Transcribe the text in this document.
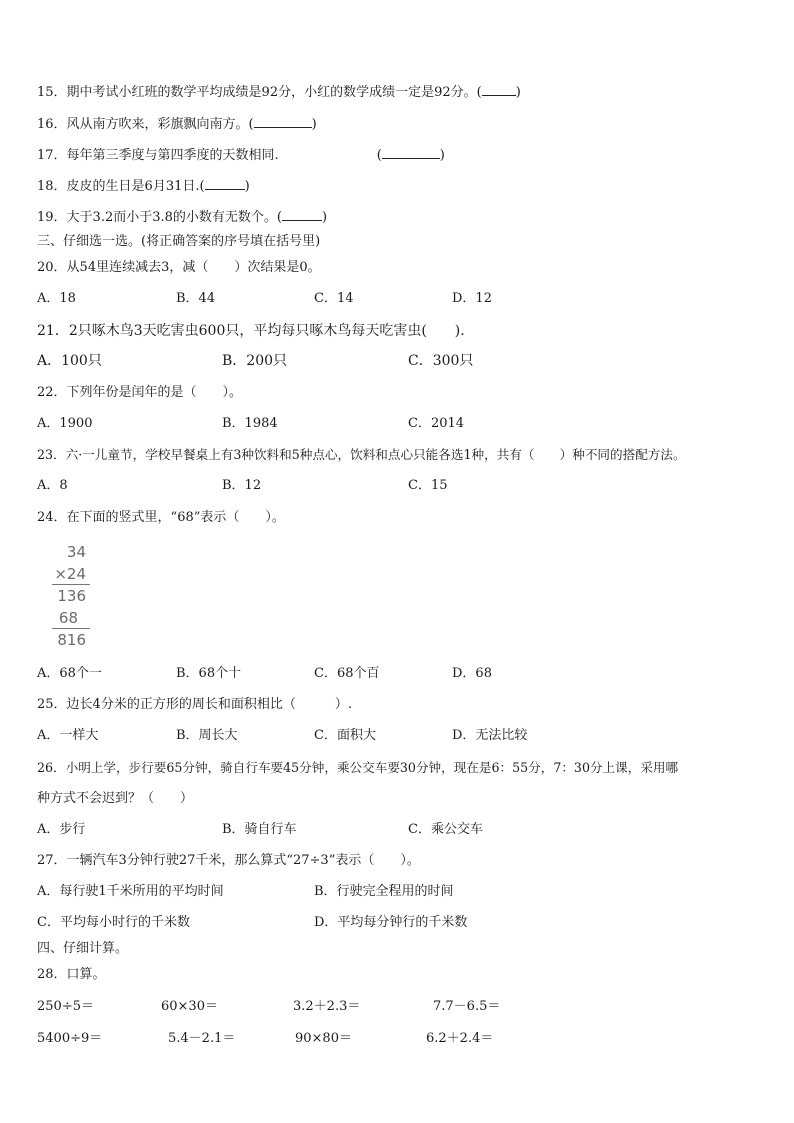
15．期中考试小红班的数学平均成绩是92分，小红的数学成绩一定是92分。(	)
16．风从南方吹来，彩旗飘向南方。(	)
17．每年第三季度与第四季度的天数相同.	(	)
18．皮皮的生日是6月31日.(	)
19．大于3.2而小于3.8的小数有无数个。(	)
三、仔细选一选。(将正确答案的序号填在括号里)
20．从54里连续减去3，减（　　）次结果是0。
A．18	B．44	C．14	D．12
21．2只啄木鸟3天吃害虫600只，平均每只啄木鸟每天吃害虫(　　).
A．100只	B．200只	C．300只
22．下列年份是闰年的是（　　）。
A．1900	B．1984	C．2014
23．六·一儿童节，学校早餐桌上有3种饮料和5种点心，饮料和点心只能各选1种，共有（　　）种不同的搭配方法。
A．8	B．12	C．15
24．在下面的竖式里，“68”表示（　　）。
34
×24
136
68
816
A．68个一	B．68个十	C．68个百	D．68
25．边长4分米的正方形的周长和面积相比（　　　）.
A．一样大	B．周长大	C．面积大	D．无法比较
26．小明上学，步行要65分钟，骑自行车要45分钟，乘公交车要30分钟，现在是6：55分，7：30分上课，采用哪
种方式不会迟到？（　　）
A．步行	B．骑自行车	C．乘公交车
27．一辆汽车3分钟行驶27千米，那么算式“27÷3”表示（　　）。
A．每行驶1千米所用的平均时间	B．行驶完全程用的时间
C．平均每小时行的千米数	D．平均每分钟行的千米数
四、仔细计算。
28．口算。
250÷5＝	60×30＝	3.2＋2.3＝	7.7－6.5＝
5400÷9＝	5.4－2.1＝	90×80＝	6.2＋2.4＝
